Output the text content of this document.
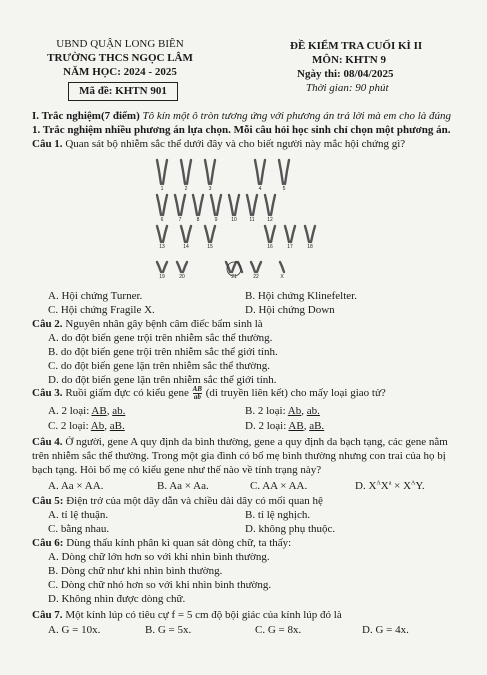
UBND QUẬN LONG BIÊN
TRƯỜNG THCS NGỌC LÂM
NĂM HỌC: 2024 - 2025
Mã đề: KHTN 901
ĐỀ KIỂM TRA CUỐI KÌ II
MÔN: KHTN 9
Ngày thi: 08/04/2025
Thời gian: 90 phút
I. Trắc nghiệm(7 điểm) Tô kín một ô tròn tương ứng với phương án trả lời mà em cho là đúng
1. Trắc nghiệm nhiều phương án lựa chọn. Mỗi câu hỏi học sinh chỉ chọn một phương án.
Câu 1. Quan sát bộ nhiễm sắc thể dưới đây và cho biết người này mắc hội chứng gì?
1	2	3	4	5
6	7	8	9	10	11	12
13	14	15	16	17	18
19	20	21	22	X
A. Hội chứng Turner.	B. Hội chứng Klinefelter.
C. Hội chứng Fragile X.	D. Hội chứng Down
Câu 2. Nguyên nhân gây bệnh câm điếc bẩm sinh là
A. do đột biến gene trội trên nhiễm sắc thể thường.
B. do đột biến gene trội trên nhiễm sắc thể giới tính.
C. do đột biến gene lặn trên nhiễm sắc thể thường.
D. do đột biến gene lặn trên nhiễm sắc thể giới tính.
Câu 3. Ruồi giấm đực có kiểu gene $\frac{AB}{ab} (di$ truyền liên kết) cho mấy loại giao tử?
A. 2 loại: AB, ab.	B. 2 loại: Ab, ab.
C. 2 loại: Ab, aB.	D. 2 loại: AB, aB.
Câu 4. Ở người, gene A quy định da bình thường, gene a quy định da bạch tạng, các gene nằm
trên nhiễm sắc thể thường. Trong một gia đình có bố mẹ bình thường nhưng con trai của họ bị
bạch tạng. Hỏi bố mẹ có kiểu gene như thế nào về tính trạng này?
A. Aa × AA.	B. Aa × Aa.	C. AA × AA.	D. $X^AX^a \times X^AY$.
Câu 5: Điện trở của một dây dẫn và chiều dài dây có mối quan hệ
A. tỉ lệ thuận.	B. tỉ lệ nghịch.
C. bằng nhau.	D. không phụ thuộc.
Câu 6: Dùng thấu kính phân kì quan sát dòng chữ, ta thấy:
A. Dòng chữ lớn hơn so với khi nhìn bình thường.
B. Dòng chữ như khi nhìn bình thường.
C. Dòng chữ nhỏ hơn so với khi nhìn bình thường.
D. Không nhìn được dòng chữ.
Câu 7. Một kính lúp có tiêu cự f = 5 cm độ bội giác của kính lúp đó là
A. G = 10x.	B. G = 5x.	C. G = 8x.	D. G = 4x.
